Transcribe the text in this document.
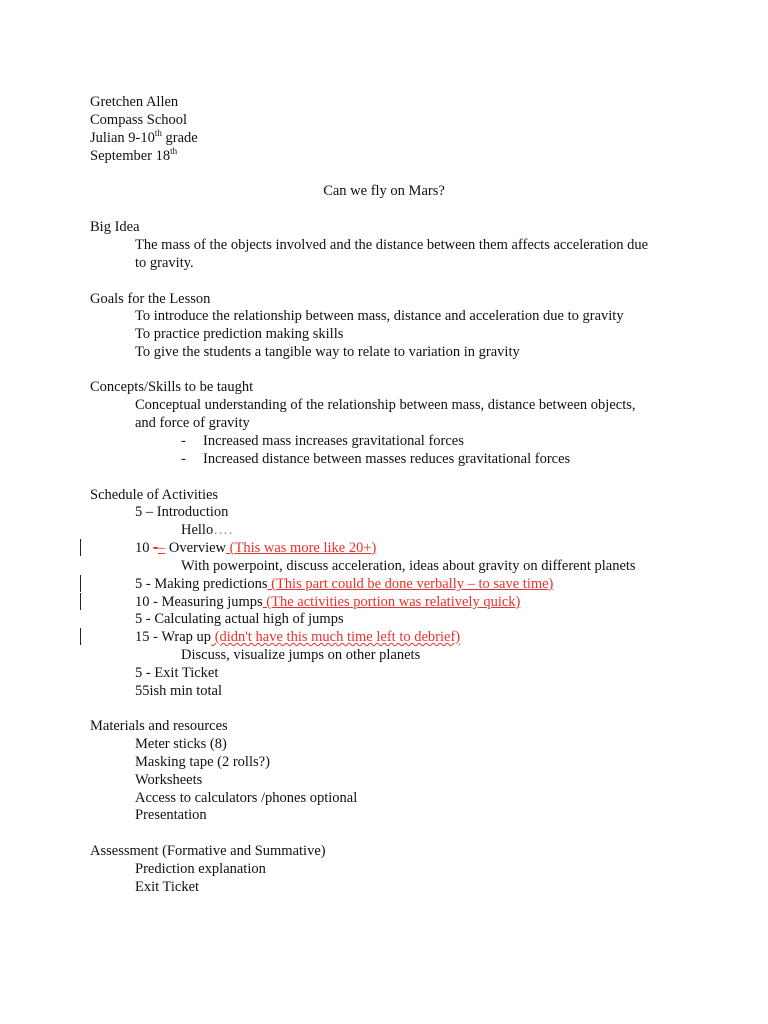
Gretchen Allen
Compass School
Julian 9-10th grade
September 18th
Can we fly on Mars?
Big Idea
The mass of the objects involved and the distance between them affects acceleration due
to gravity.
Goals for the Lesson
To introduce the relationship between mass, distance and acceleration due to gravity
To practice prediction making skills
To give the students a tangible way to relate to variation in gravity
Concepts/Skills to be taught
Conceptual understanding of the relationship between mass, distance between objects,
and force of gravity
- Increased mass increases gravitational forces
- Increased distance between masses reduces gravitational forces
Schedule of Activities
5 – Introduction
Hello….
10 -– Overview (This was more like 20+)
With powerpoint, discuss acceleration, ideas about gravity on different planets
5 - Making predictions (This part could be done verbally – to save time)
10 - Measuring jumps (The activities portion was relatively quick)
5 - Calculating actual high of jumps
15 - Wrap up (didn't have this much time left to debrief)
Discuss, visualize jumps on other planets
5 - Exit Ticket
55ish min total
Materials and resources
Meter sticks (8)
Masking tape (2 rolls?)
Worksheets
Access to calculators /phones optional
Presentation
Assessment (Formative and Summative)
Prediction explanation
Exit Ticket
